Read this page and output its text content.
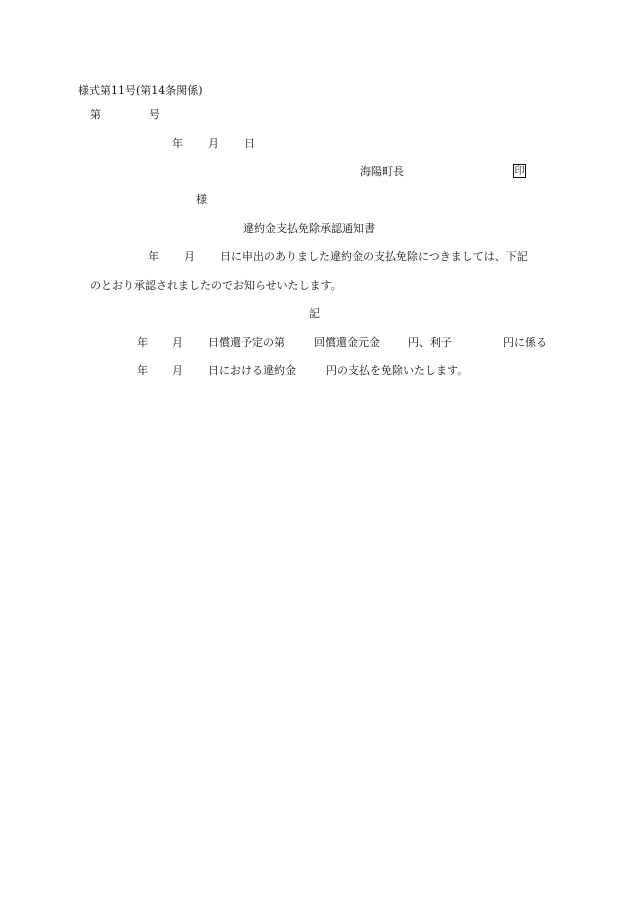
様式第11号(第14条関係)
第	号
年 月 日
海陽町長	印
様
違約金支払免除承認通知書
年 月 日に申出のありました違約金の支払免除につきましては、下記
のとおり承認されましたのでお知らせいたします。
記
年 月 日償還予定の第	回償還金元金	円、利子	円に係る
年 月 日における違約金	円の支払を免除いたします。
